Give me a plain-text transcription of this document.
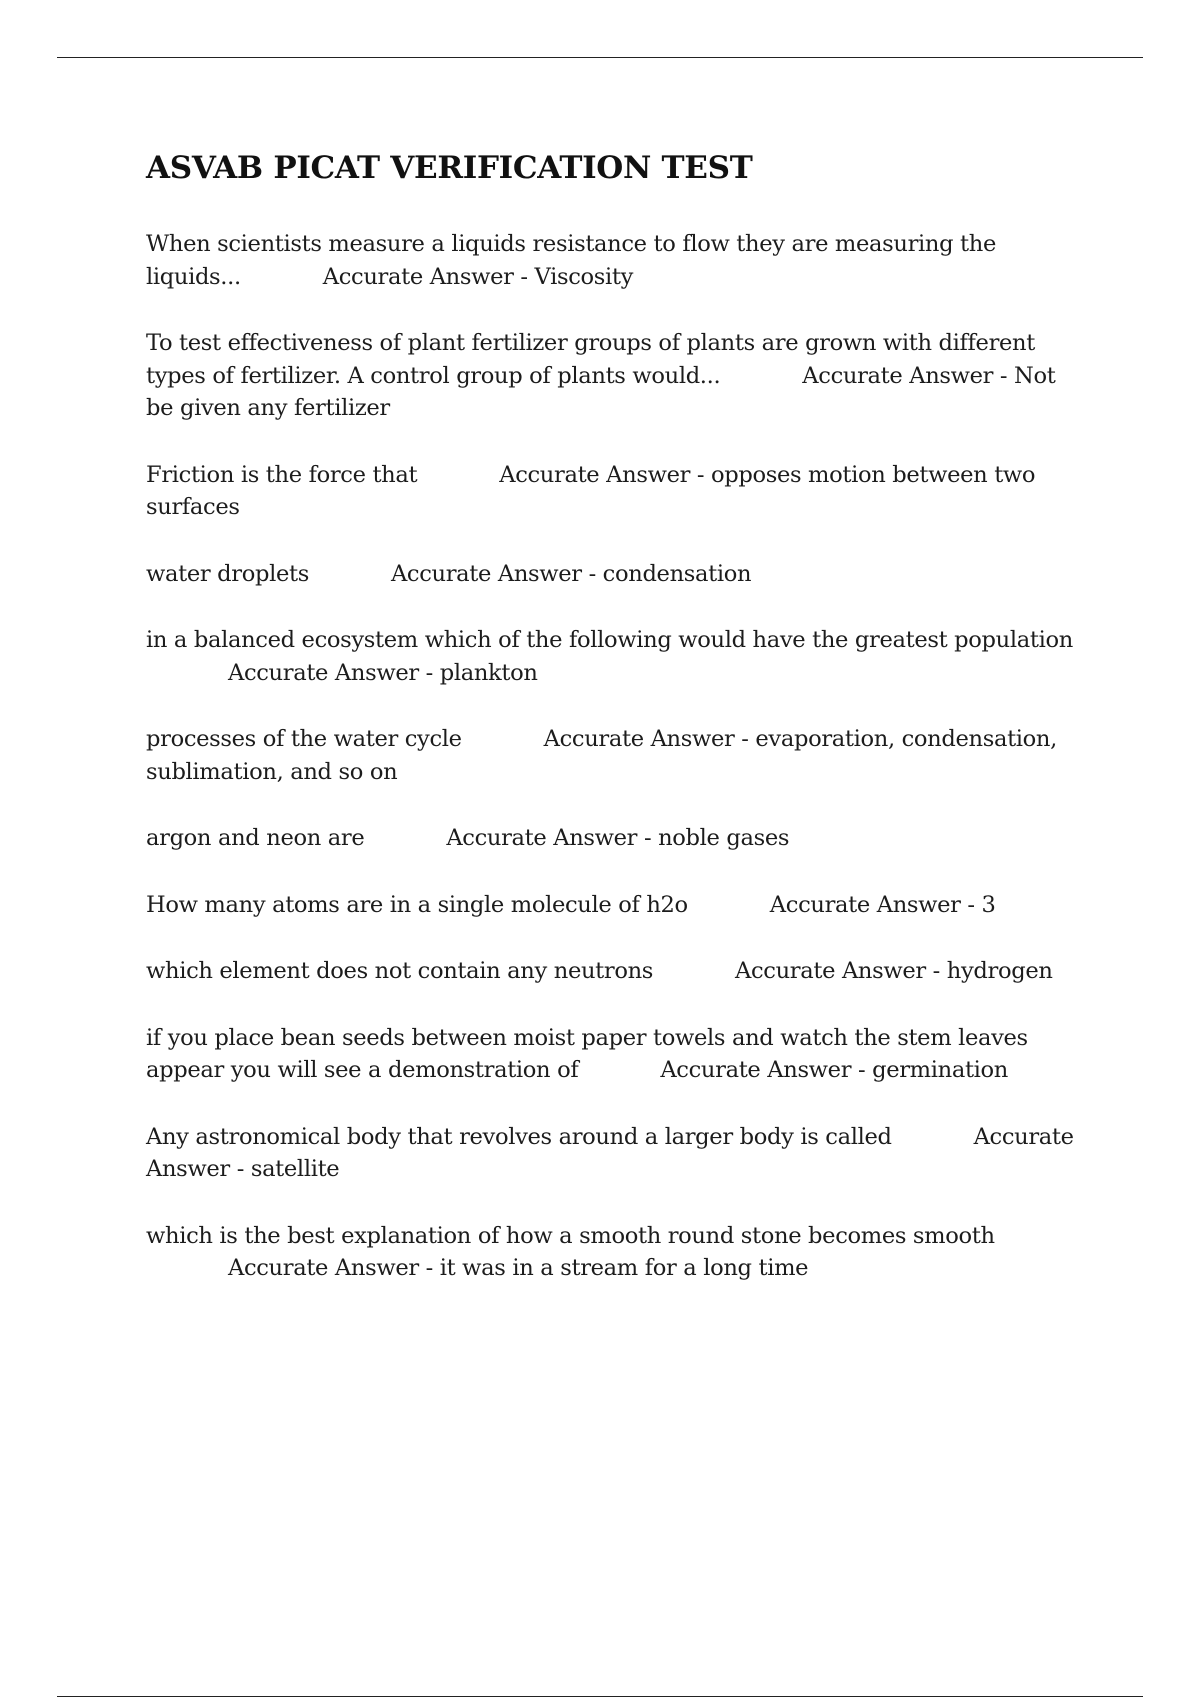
ASVAB PICAT VERIFICATION TEST

When scientists measure a liquids resistance to flow they are measuring the liquids...	Accurate Answer - Viscosity

To test effectiveness of plant fertilizer groups of plants are grown with different types of fertilizer. A control group of plants would...	Accurate Answer - Not be given any fertilizer

Friction is the force that	Accurate Answer - opposes motion between two surfaces

water droplets	Accurate Answer - condensation

in a balanced ecosystem which of the following would have the greatest population            Accurate Answer - plankton

processes of the water cycle	Accurate Answer - evaporation, condensation, sublimation, and so on

argon and neon are	Accurate Answer - noble gases

How many atoms are in a single molecule of h2o	Accurate Answer - 3

which element does not contain any neutrons	Accurate Answer - hydrogen

if you place bean seeds between moist paper towels and watch the stem leaves appear you will see a demonstration of	Accurate Answer - germination

Any astronomical body that revolves around a larger body is called	Accurate Answer - satellite

which is the best explanation of how a smooth round stone becomes smooth            Accurate Answer - it was in a stream for a long time
